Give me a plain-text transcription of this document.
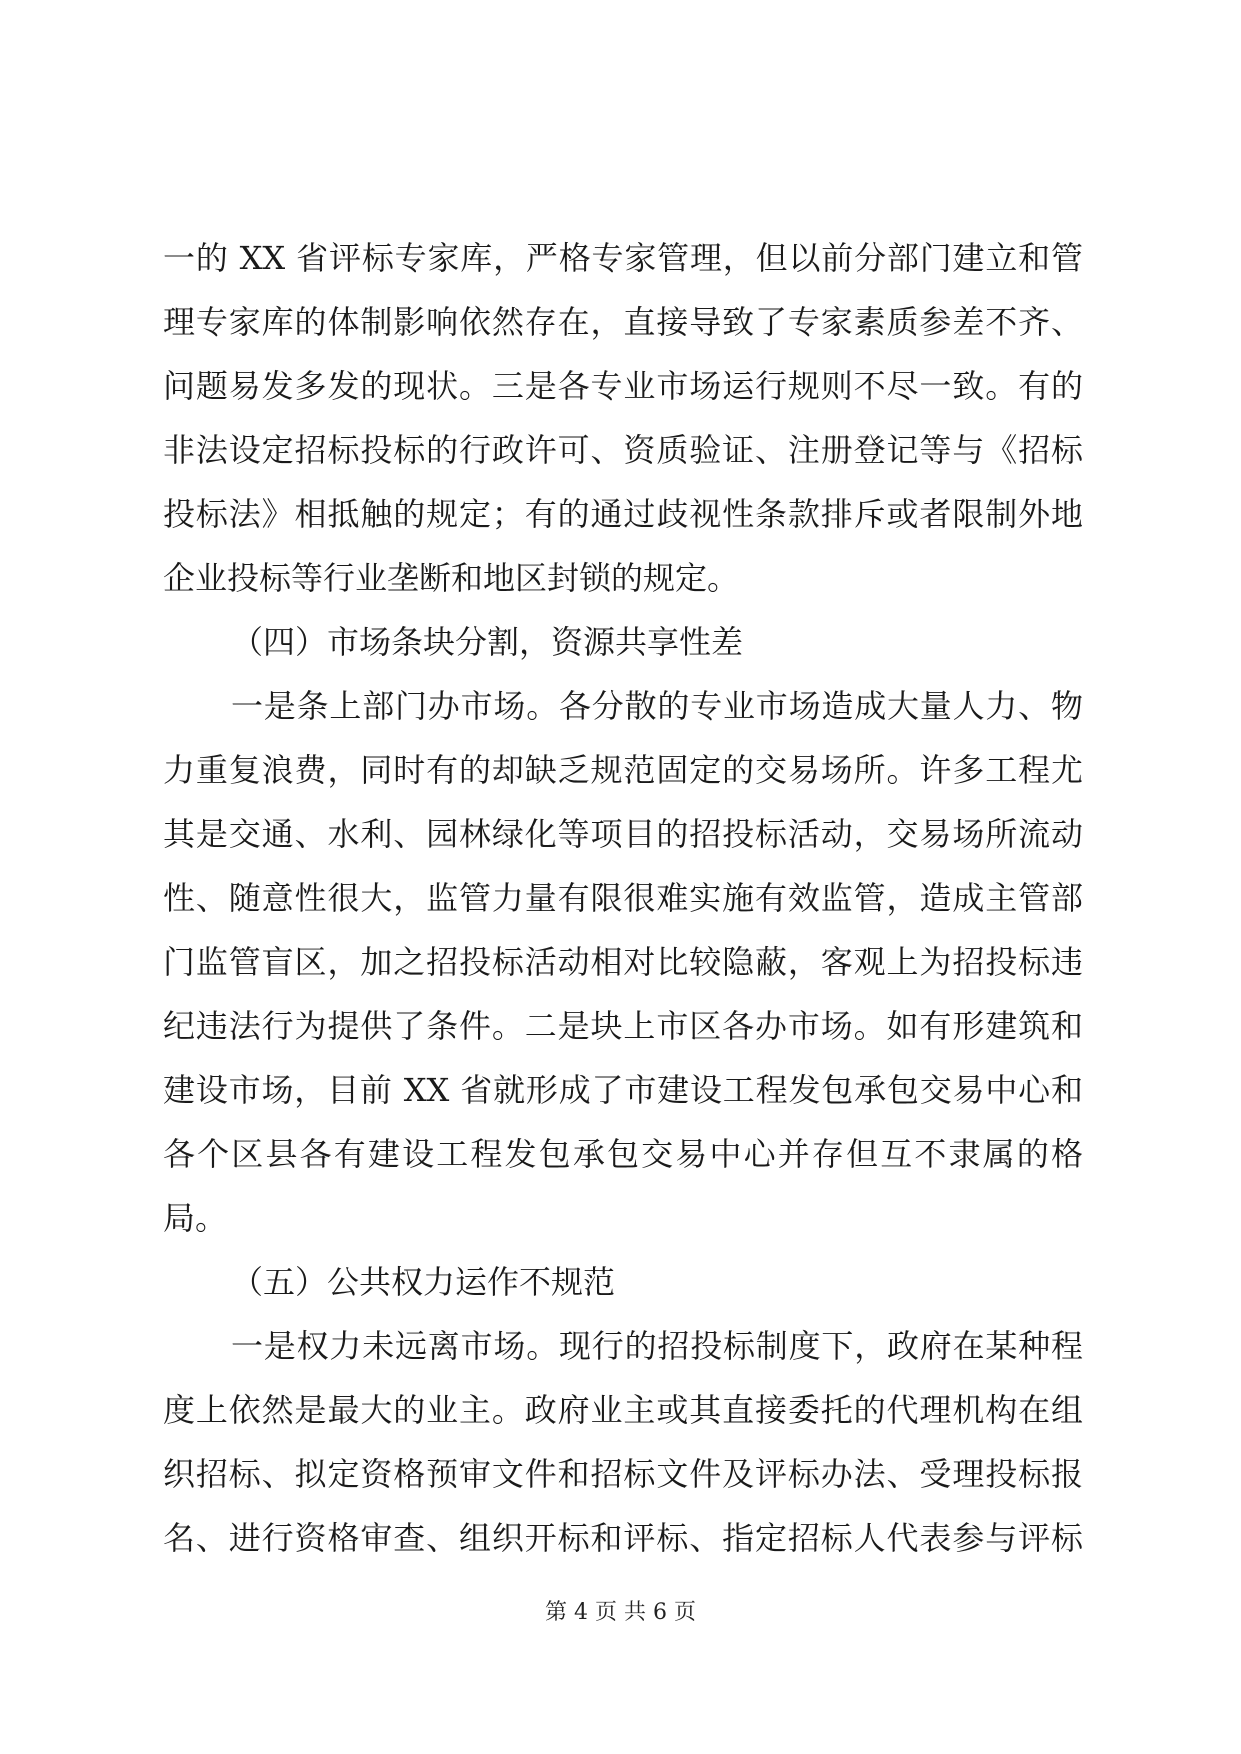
一的 XX 省评标专家库，严格专家管理，但以前分部门建立和管
理专家库的体制影响依然存在，直接导致了专家素质参差不齐、
问题易发多发的现状。三是各专业市场运行规则不尽一致。有的
非法设定招标投标的行政许可、资质验证、注册登记等与《招标
投标法》相抵触的规定；有的通过歧视性条款排斥或者限制外地
企业投标等行业垄断和地区封锁的规定。
（四）市场条块分割，资源共享性差
一是条上部门办市场。各分散的专业市场造成大量人力、物
力重复浪费，同时有的却缺乏规范固定的交易场所。许多工程尤
其是交通、水利、园林绿化等项目的招投标活动，交易场所流动
性、随意性很大，监管力量有限很难实施有效监管，造成主管部
门监管盲区，加之招投标活动相对比较隐蔽，客观上为招投标违
纪违法行为提供了条件。二是块上市区各办市场。如有形建筑和
建设市场，目前 XX 省就形成了市建设工程发包承包交易中心和
各个区县各有建设工程发包承包交易中心并存但互不隶属的格
局。
（五）公共权力运作不规范
一是权力未远离市场。现行的招投标制度下，政府在某种程
度上依然是最大的业主。政府业主或其直接委托的代理机构在组
织招标、拟定资格预审文件和招标文件及评标办法、受理投标报
名、进行资格审查、组织开标和评标、指定招标人代表参与评标
第 4 页 共 6 页
